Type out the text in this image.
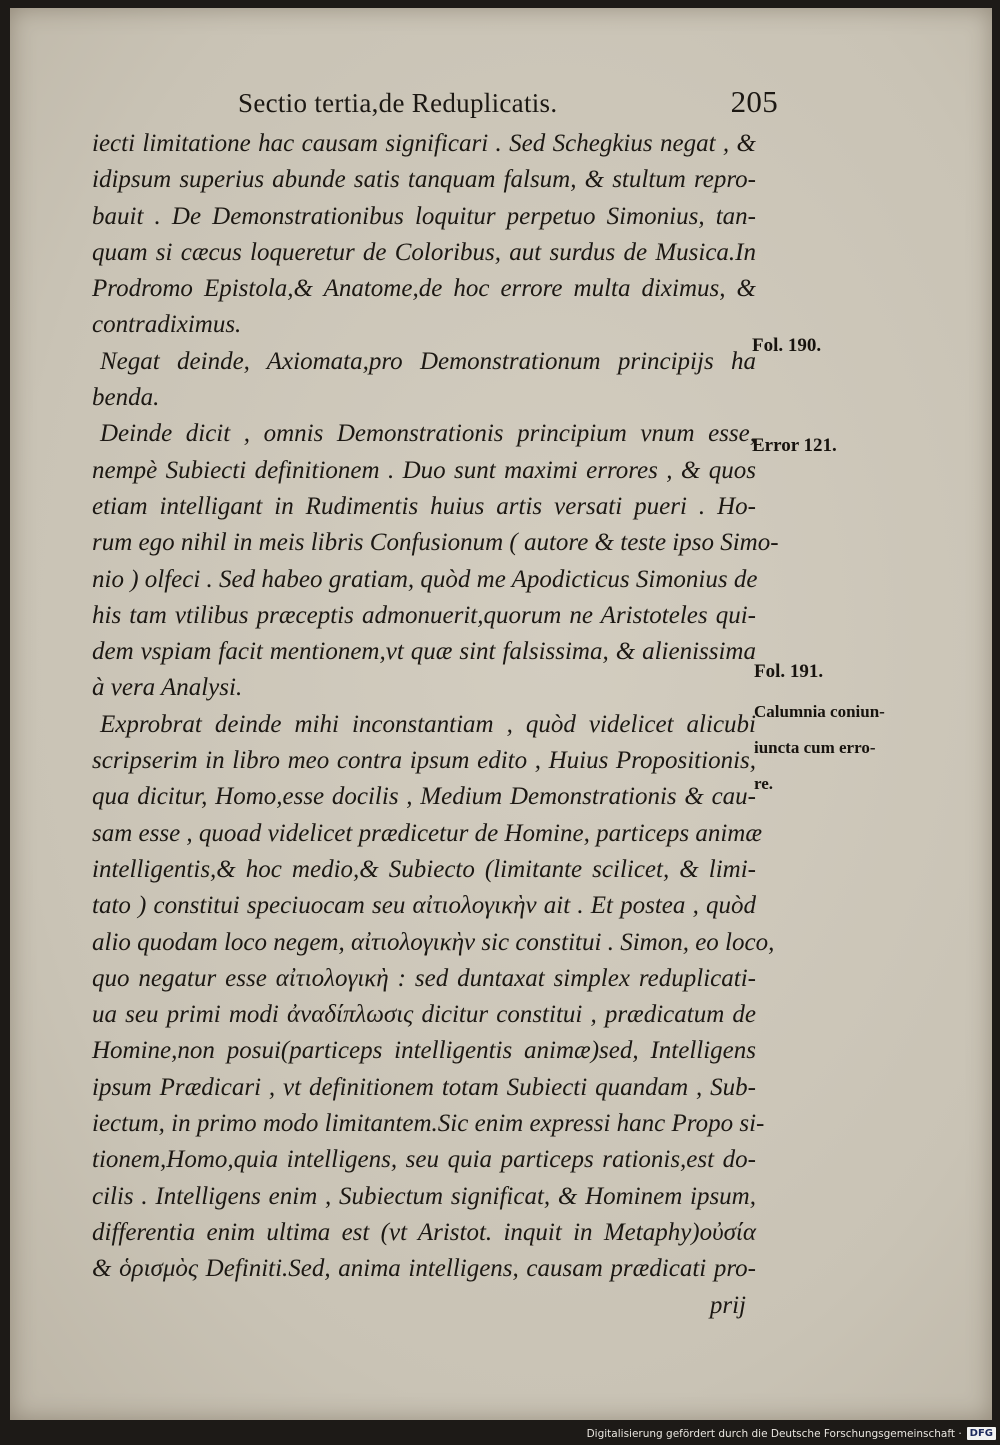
Sectio tertia,de Reduplicatis.	205
iecti limitatione hac causam significari . Sed Schegkius negat , &
idipsum superius abunde satis tanquam falsum, & stultum repro-
bauit . De Demonstrationibus loquitur perpetuo Simonius, tan-
quam si cæcus loqueretur de Coloribus, aut surdus de Musica.In
Prodromo Epistola,& Anatome,de hoc errore multa diximus, &
contradiximus.
Negat deinde, Axiomata,pro Demonstrationum principijs ha
benda.
Deinde dicit , omnis Demonstrationis principium vnum esse,
nempè Subiecti definitionem . Duo sunt maximi errores , & quos
etiam intelligant in Rudimentis huius artis versati pueri . Ho-
rum ego nihil in meis libris Confusionum ( autore & teste ipso Simo-
nio ) olfeci . Sed habeo gratiam, quòd me Apodicticus Simonius de
his tam vtilibus præceptis admonuerit,quorum ne Aristoteles qui-
dem vspiam facit mentionem,vt quæ sint falsissima, & alienissima
à vera Analysi.
Exprobrat deinde mihi inconstantiam , quòd videlicet alicubi
scripserim in libro meo contra ipsum edito , Huius Propositionis,
qua dicitur, Homo,esse docilis , Medium Demonstrationis & cau-
sam esse , quoad videlicet prædicetur de Homine, particeps animæ
intelligentis,& hoc medio,& Subiecto (limitante scilicet, & limi-
tato ) constitui speciuocam seu αἰτιολογικὴν ait . Et postea , quòd
alio quodam loco negem, αἰτιολογικὴν sic constitui . Simon, eo loco,
quo negatur esse αἰτιολογικὴ : sed duntaxat simplex reduplicati-
ua seu primi modi ἀναδίπλωσις dicitur constitui , prædicatum de
Homine,non posui(particeps intelligentis animæ)sed, Intelligens
ipsum Prædicari , vt definitionem totam Subiecti quandam , Sub-
iectum, in primo modo limitantem.Sic enim expressi hanc Propo si-
tionem,Homo,quia intelligens, seu quia particeps rationis,est do-
cilis . Intelligens enim , Subiectum significat, & Hominem ipsum,
differentia enim ultima est (vt Aristot. inquit in Metaphy)οὐσία
& ὁρισμὸς Definiti.Sed, anima intelligens, causam prædicati pro-
prij
Fol. 190.
Error 121.
Fol. 191.
Calumnia coniun-
iuncta cum erro-
re.
Digitalisierung gefördert durch die Deutsche Forschungsgemeinschaft · DFG
